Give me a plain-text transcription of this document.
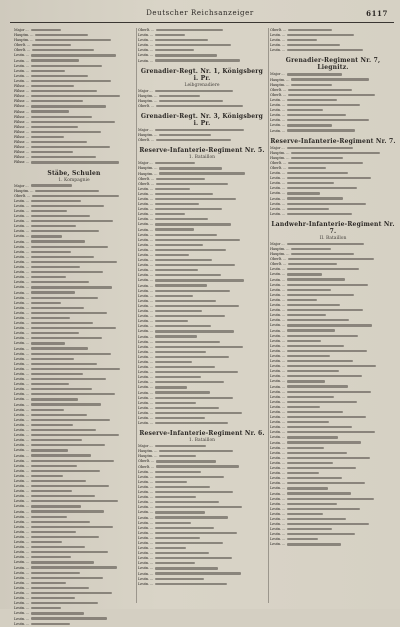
Deutscher Reichsanzeiger	6117
Major ...
Hauptm. ...
Hauptm. ...
Oberlt. ...
Oberlt. ...
Leutn. ...
Leutn. ...
Leutn. ...
Leutn. ...
Leutn. ...
Leutn. ...
Fähnr. ...
Fähnr. ...
Fähnr. ...
Fähnr. ...
Fähnr. ...
Fähnr. ...
Fähnr. ...
Fähnr. ...
Fähnr. ...
Fähnr. ...
Fähnr. ...
Fähnr. ...
Fähnr. ...
Fähnr. ...
Fähnr. ...
Fähnr. ...
Stäbe, Schulen
1. Kompagnie
Major ...
Hauptm. ...
Oberlt. ...
Leutn. ...
Leutn. ...
Leutn. ...
Leutn. ...
Leutn. ...
Leutn. ...
Leutn. ...
Leutn. ...
Leutn. ...
Leutn. ...
Leutn. ...
Leutn. ...
Leutn. ...
Leutn. ...
Leutn. ...
Leutn. ...
Leutn. ...
Leutn. ...
Leutn. ...
Leutn. ...
Leutn. ...
Leutn. ...
Leutn. ...
Leutn. ...
Leutn. ...
Leutn. ...
Leutn. ...
Leutn. ...
Leutn. ...
Leutn. ...
Leutn. ...
Leutn. ...
Leutn. ...
Leutn. ...
Leutn. ...
Leutn. ...
Leutn. ...
Leutn. ...
Leutn. ...
Leutn. ...
Leutn. ...
Leutn. ...
Leutn. ...
Leutn. ...
Leutn. ...
Leutn. ...
Leutn. ...
Leutn. ...
Leutn. ...
Leutn. ...
Leutn. ...
Leutn. ...
Leutn. ...
Leutn. ...
Leutn. ...
Leutn. ...
Leutn. ...
Leutn. ...
Leutn. ...
Leutn. ...
Leutn. ...
Leutn. ...
Leutn. ...
Leutn. ...
Leutn. ...
Leutn. ...
Leutn. ...
Leutn. ...
Leutn. ...
Leutn. ...
Leutn. ...
Leutn. ...
Leutn. ...
Leutn. ...
Leutn. ...
Leutn. ...
Leutn. ...
Leutn. ...
Leutn. ...
Leutn. ...
Leutn. ...
Leutn. ...
Leutn. ...
Leutn. ...
Oberlt. ...
Leutn. ...
Leutn. ...
Leutn. ...
Leutn. ...
Leutn. ...
Leutn. ...
Grenadier-Regt. Nr. 1, Königsberg i. Pr.
Leibgrenadiere
Major ...
Hauptm. ...
Hauptm. ...
Oberlt. ...
Grenadier-Regt. Nr. 3, Königsberg i. Pr.
Major ...
Hauptm. ...
Oberlt. ...
Reserve-Infanterie-Regiment Nr. 5.
1. Bataillon
Major ...
Hauptm. ...
Hauptm. ...
Oberlt. ...
Oberlt. ...
Leutn. ...
Leutn. ...
Leutn. ...
Leutn. ...
Leutn. ...
Leutn. ...
Leutn. ...
Leutn. ...
Leutn. ...
Leutn. ...
Leutn. ...
Leutn. ...
Leutn. ...
Leutn. ...
Leutn. ...
Leutn. ...
Leutn. ...
Leutn. ...
Leutn. ...
Leutn. ...
Leutn. ...
Leutn. ...
Leutn. ...
Leutn. ...
Leutn. ...
Leutn. ...
Leutn. ...
Leutn. ...
Leutn. ...
Leutn. ...
Leutn. ...
Leutn. ...
Leutn. ...
Leutn. ...
Leutn. ...
Leutn. ...
Leutn. ...
Leutn. ...
Leutn. ...
Leutn. ...
Leutn. ...
Leutn. ...
Leutn. ...
Leutn. ...
Leutn. ...
Leutn. ...
Leutn. ...
Reserve-Infanterie-Regiment Nr. 6.
1. Bataillon
Major ...
Hauptm. ...
Hauptm. ...
Oberlt. ...
Oberlt. ...
Leutn. ...
Leutn. ...
Leutn. ...
Leutn. ...
Leutn. ...
Leutn. ...
Leutn. ...
Leutn. ...
Leutn. ...
Leutn. ...
Leutn. ...
Leutn. ...
Leutn. ...
Leutn. ...
Leutn. ...
Leutn. ...
Leutn. ...
Leutn. ...
Leutn. ...
Leutn. ...
Leutn. ...
Leutn. ...
Leutn. ...
Oberlt. ...
Leutn. ...
Leutn. ...
Leutn. ...
Leutn. ...
Grenadier-Regiment Nr. 7, Liegnitz.
Major ...
Hauptm. ...
Hauptm. ...
Oberlt. ...
Oberlt. ...
Leutn. ...
Leutn. ...
Leutn. ...
Leutn. ...
Leutn. ...
Leutn. ...
Leutn. ...
Reserve-Infanterie-Regiment Nr. 7.
Major ...
Hauptm. ...
Hauptm. ...
Oberlt. ...
Oberlt. ...
Leutn. ...
Leutn. ...
Leutn. ...
Leutn. ...
Leutn. ...
Leutn. ...
Leutn. ...
Leutn. ...
Leutn. ...
Landwehr-Infanterie-Regiment Nr. 7.
II. Bataillon
Major ...
Hauptm. ...
Hauptm. ...
Oberlt. ...
Oberlt. ...
Leutn. ...
Leutn. ...
Leutn. ...
Leutn. ...
Leutn. ...
Leutn. ...
Leutn. ...
Leutn. ...
Leutn. ...
Leutn. ...
Leutn. ...
Leutn. ...
Leutn. ...
Leutn. ...
Leutn. ...
Leutn. ...
Leutn. ...
Leutn. ...
Leutn. ...
Leutn. ...
Leutn. ...
Leutn. ...
Leutn. ...
Leutn. ...
Leutn. ...
Leutn. ...
Leutn. ...
Leutn. ...
Leutn. ...
Leutn. ...
Leutn. ...
Leutn. ...
Leutn. ...
Leutn. ...
Leutn. ...
Leutn. ...
Leutn. ...
Leutn. ...
Leutn. ...
Leutn. ...
Leutn. ...
Leutn. ...
Leutn. ...
Leutn. ...
Leutn. ...
Leutn. ...
Leutn. ...
Leutn. ...
Leutn. ...
Leutn. ...
Leutn. ...
Leutn. ...
Leutn. ...
Leutn. ...
Leutn. ...
